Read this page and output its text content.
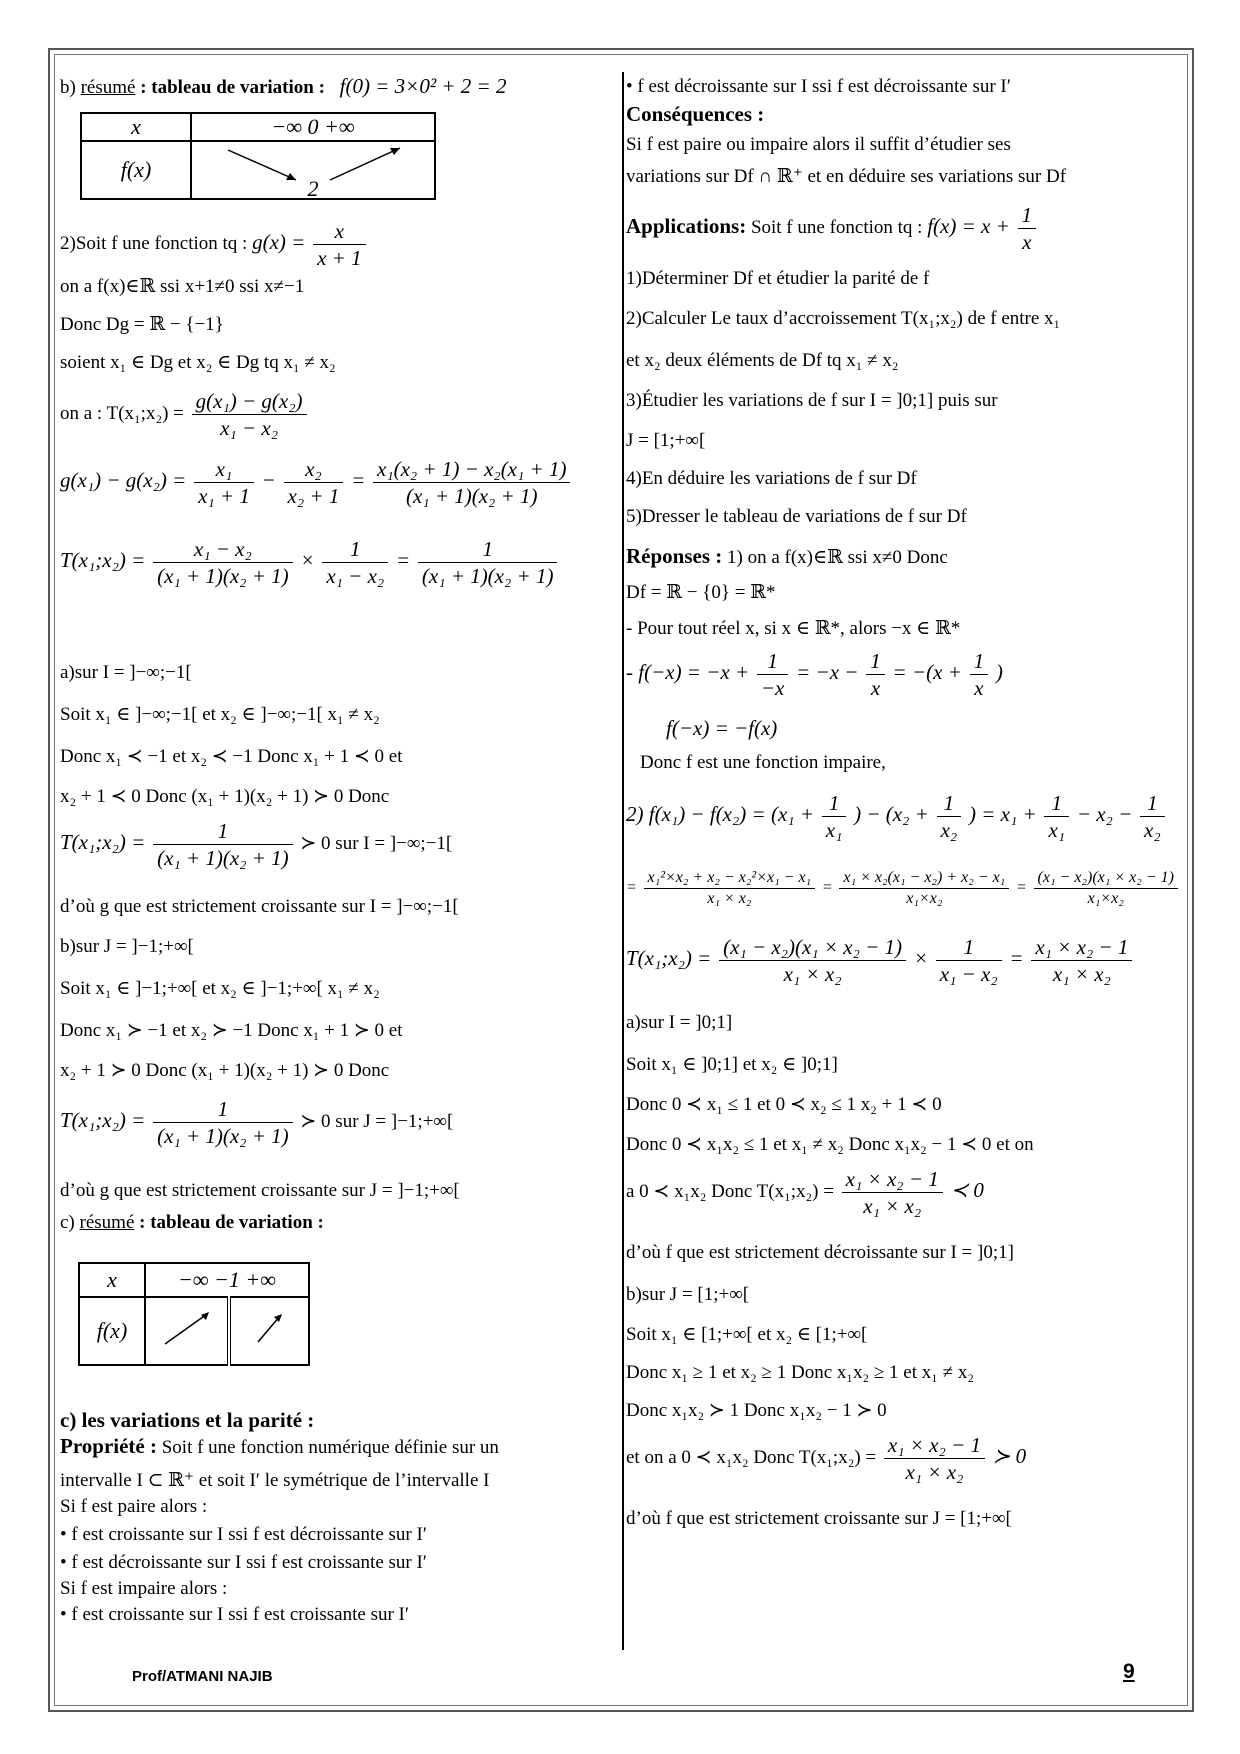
b) résumé : tableau de variation : f(0) = 3×0² + 2 = 2
x	−∞ 0 +∞
f(x)	2
2)Soit f une fonction tq : $g(x) = \frac{x}{x + 1}$
on a f(x)∈ℝ ssi x+1≠0 ssi x≠−1
Donc Dg = ℝ − {−1}
soient x₁ ∈ Dg et x₂ ∈ Dg tq x₁ ≠ x₂
on a : T(x₁;x₂) = $\frac{\text{g(x₁) − g(x₂)}}{\text{x₁ − x₂}}$
$g(x_1) - g(x_2) = \frac{\text{x₁}}{\text{x₁ + 1}} - \frac{\text{x₂}}{\text{x₂ + 1}} = \frac{\text{x₁(x₂ + 1) − x₂(x₁ + 1)}}{\text{(x₁ + 1)(x₂ + 1)}}$
T(x₁;x₂) = $\frac{\text{x₁ − x₂}}{\text{(x₁ + 1)(x₂ + 1)}} \times \frac{1}{\text{x₁ − x₂}} = \frac{1}{\text{(x₁ + 1)(x₂ + 1)}}$
a)sur I = ]−∞;−1[
Soit x₁ ∈ ]−∞;−1[ et x₂ ∈ ]−∞;−1[ x₁ ≠ x₂
Donc x₁ ≺ −1 et x₂ ≺ −1 Donc x₁ + 1 ≺ 0 et
x₂ + 1 ≺ 0 Donc (x₁ + 1)(x₂ + 1) ≻ 0 Donc
T(x₁;x₂) = $\frac{1}{\text{(x₁ + 1)(x₂ + 1)}}$ ≻ 0 sur I = ]−∞;−1[
d’où g que est strictement croissante sur I = ]−∞;−1[
b)sur J = ]−1;+∞[
Soit x₁ ∈ ]−1;+∞[ et x₂ ∈ ]−1;+∞[ x₁ ≠ x₂
Donc x₁ ≻ −1 et x₂ ≻ −1 Donc x₁ + 1 ≻ 0 et
x₂ + 1 ≻ 0 Donc (x₁ + 1)(x₂ + 1) ≻ 0 Donc
T(x₁;x₂) = $\frac{1}{\text{(x₁ + 1)(x₂ + 1)}}$ ≻ 0 sur J = ]−1;+∞[
d’où g que est strictement croissante sur J = ]−1;+∞[
c) résumé : tableau de variation :
x	−∞ −1 +∞	
f(x)		
c) les variations et la parité :
Propriété : Soit f une fonction numérique définie sur un
intervalle I ⊂ ℝ⁺ et soit I′ le symétrique de l’intervalle I
Si f est paire alors :
• f est croissante sur I ssi f est décroissante sur I′
• f est décroissante sur I ssi f est croissante sur I′
Si f est impaire alors :
• f est croissante sur I ssi f est croissante sur I′
• f est décroissante sur I ssi f est décroissante sur I′
Conséquences :
Si f est paire ou impaire alors il suffit d’étudier ses
variations sur Df ∩ ℝ⁺ et en déduire ses variations sur Df
Applications: Soit f une fonction tq : $f(x) = x + \frac{1}{x}$
1)Déterminer Df et étudier la parité de f
2)Calculer Le taux d’accroissement T(x₁;x₂) de f entre x₁
et x₂ deux éléments de Df tq x₁ ≠ x₂
3)Étudier les variations de f sur I = ]0;1] puis sur
J = [1;+∞[
4)En déduire les variations de f sur Df
5)Dresser le tableau de variations de f sur Df
Réponses : 1) on a f(x)∈ℝ ssi x≠0 Donc
Df = ℝ − {0} = ℝ*
- Pour tout réel x, si x ∈ ℝ*, alors −x ∈ ℝ*
- $f(-x) = -x + \frac{1}{-x} = -x - \frac{1}{x} = -(x + \frac{1}{x}$ )
f(−x) = −f(x)
Donc f est une fonction impaire,
2) $f(x_1) - f(x_2) = (x_1 + \frac{1}{\text{x₁}}$ ) − ($x_2 + \frac{1}{\text{x₂}}$ ) = $x_1 + \frac{1}{\text{x₁}} - x_2 - \frac{1}{\text{x₂}}$
= $\frac{\text{x₁²×x₂ + x₂ − x₂²×x₁ − x₁}}{\text{x₁ × x₂}} = \frac{\text{x₁ × x₂(x₁ − x₂) + x₂ − x₁}}{\text{x₁×x₂}} = \frac{\text{(x₁ − x₂)(x₁ × x₂ − 1)}}{\text{x₁×x₂}}$
T(x₁;x₂) = $\frac{\text{(x₁ − x₂)(x₁ × x₂ − 1)}}{\text{x₁ × x₂}} \times \frac{1}{\text{x₁ − x₂}} = \frac{\text{x₁ × x₂ − 1}}{\text{x₁ × x₂}}$
a)sur I = ]0;1]
Soit x₁ ∈ ]0;1] et x₂ ∈ ]0;1]
Donc 0 ≺ x₁ ≤ 1 et 0 ≺ x₂ ≤ 1 x₂ + 1 ≺ 0
Donc 0 ≺ x₁x₂ ≤ 1 et x₁ ≠ x₂ Donc x₁x₂ − 1 ≺ 0 et on
a 0 ≺ x₁x₂ Donc T(x₁;x₂) = $\frac{\text{x₁ × x₂ − 1}}{\text{x₁ × x₂}}$ ≺ 0
d’où f que est strictement décroissante sur I = ]0;1]
b)sur J = [1;+∞[
Soit x₁ ∈ [1;+∞[ et x₂ ∈ [1;+∞[
Donc x₁ ≥ 1 et x₂ ≥ 1 Donc x₁x₂ ≥ 1 et x₁ ≠ x₂
Donc x₁x₂ ≻ 1 Donc x₁x₂ − 1 ≻ 0
et on a 0 ≺ x₁x₂ Donc T(x₁;x₂) = $\frac{\text{x₁ × x₂ − 1}}{\text{x₁ × x₂}}$ ≻ 0
d’où f que est strictement croissante sur J = [1;+∞[
Prof/ATMANI NAJIB	9
